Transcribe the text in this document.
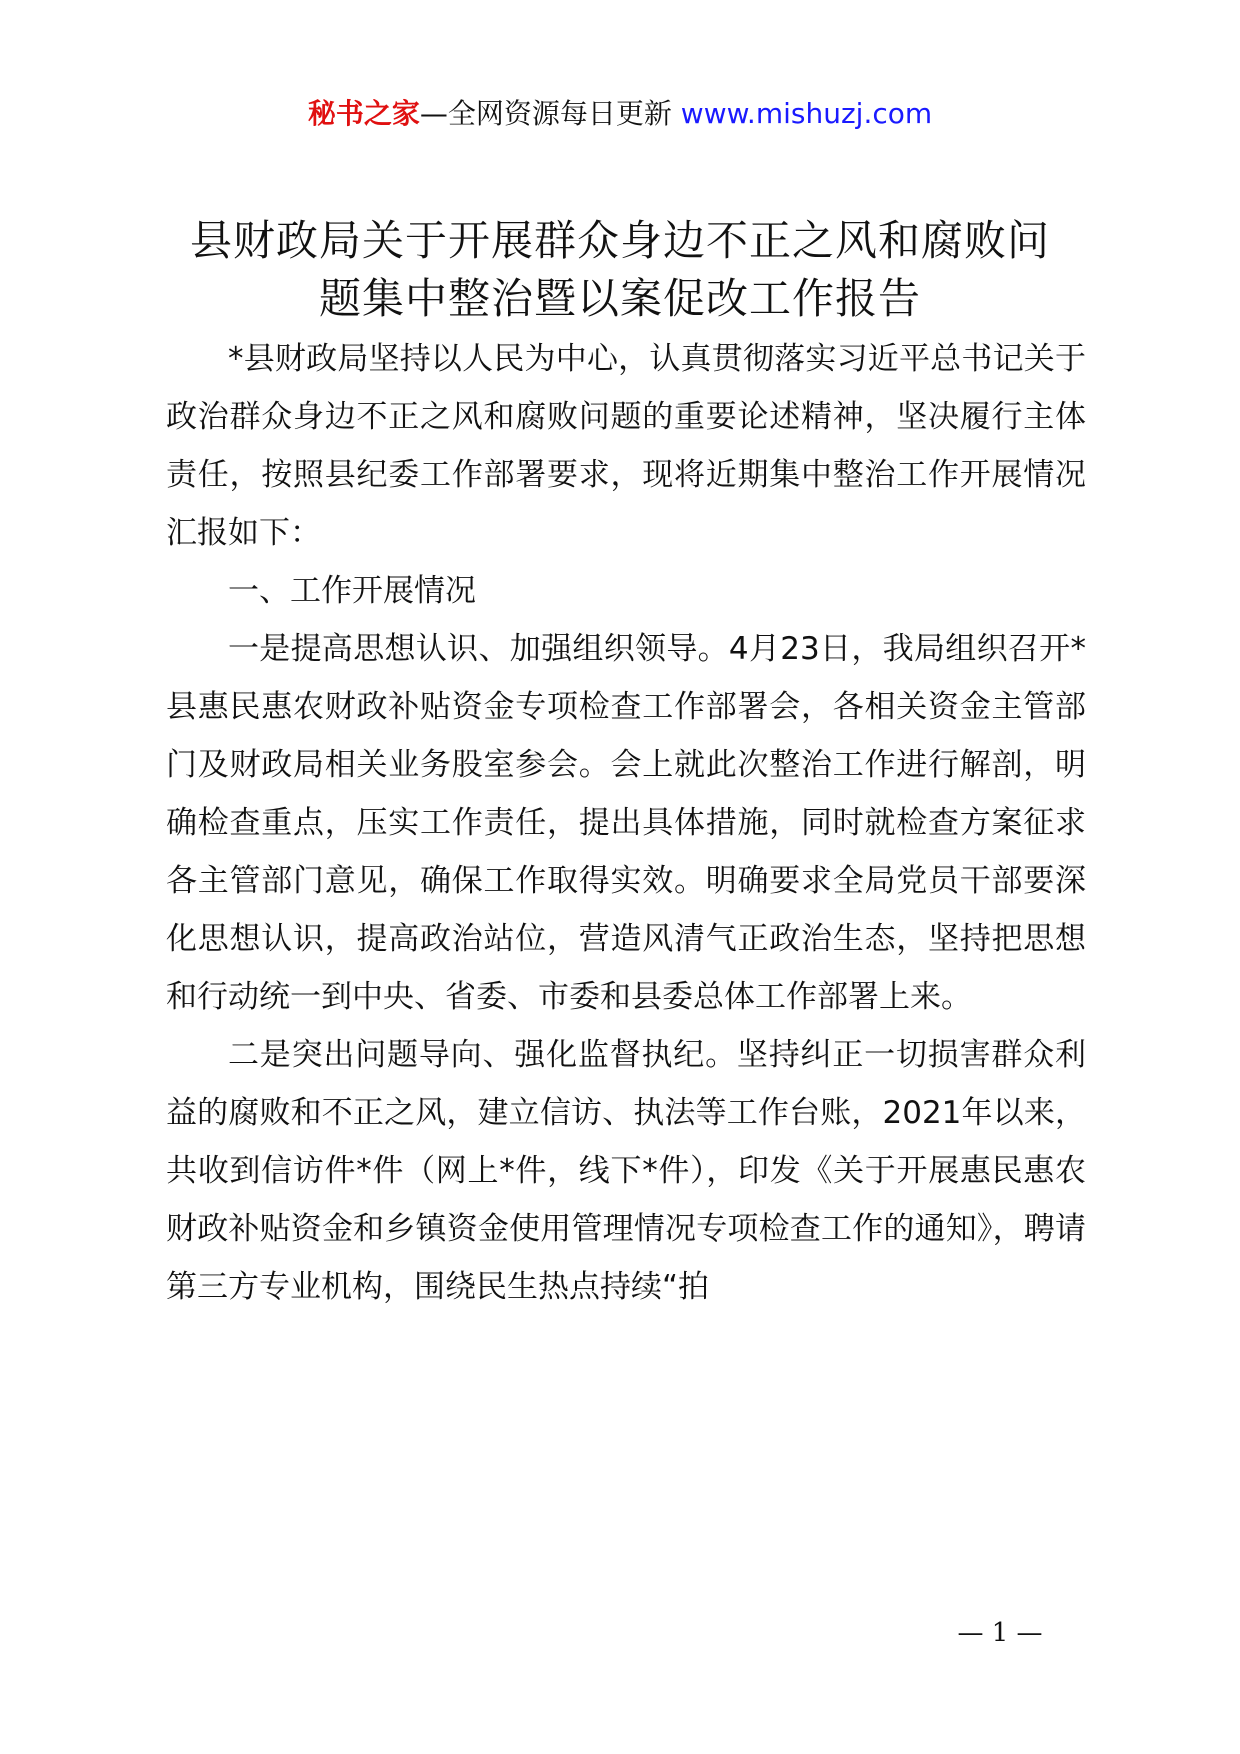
秘书之家—全网资源每日更新 www.mishuzj.com
县财政局关于开展群众身边不正之风和腐败问
题集中整治暨以案促改工作报告

*县财政局坚持以人民为中心，认真贯彻落实习近平总书记关于政治群众身边不正之风和腐败问题的重要论述精神，坚决履行主体责任，按照县纪委工作部署要求，现将近期集中整治工作开展情况汇报如下：

一、工作开展情况

一是提高思想认识、加强组织领导。4月23日，我局组织召开*县惠民惠农财政补贴资金专项检查工作部署会，各相关资金主管部门及财政局相关业务股室参会。会上就此次整治工作进行解剖，明确检查重点，压实工作责任，提出具体措施，同时就检查方案征求各主管部门意见，确保工作取得实效。明确要求全局党员干部要深化思想认识，提高政治站位，营造风清气正政治生态，坚持把思想和行动统一到中央、省委、市委和县委总体工作部署上来。

二是突出问题导向、强化监督执纪。坚持纠正一切损害群众利益的腐败和不正之风，建立信访、执法等工作台账，2021年以来，共收到信访件*件（网上*件，线下*件），印发《关于开展惠民惠农财政补贴资金和乡镇资金使用管理情况专项检查工作的通知》，聘请第三方专业机构，围绕民生热点持续“拍

— 1 —
